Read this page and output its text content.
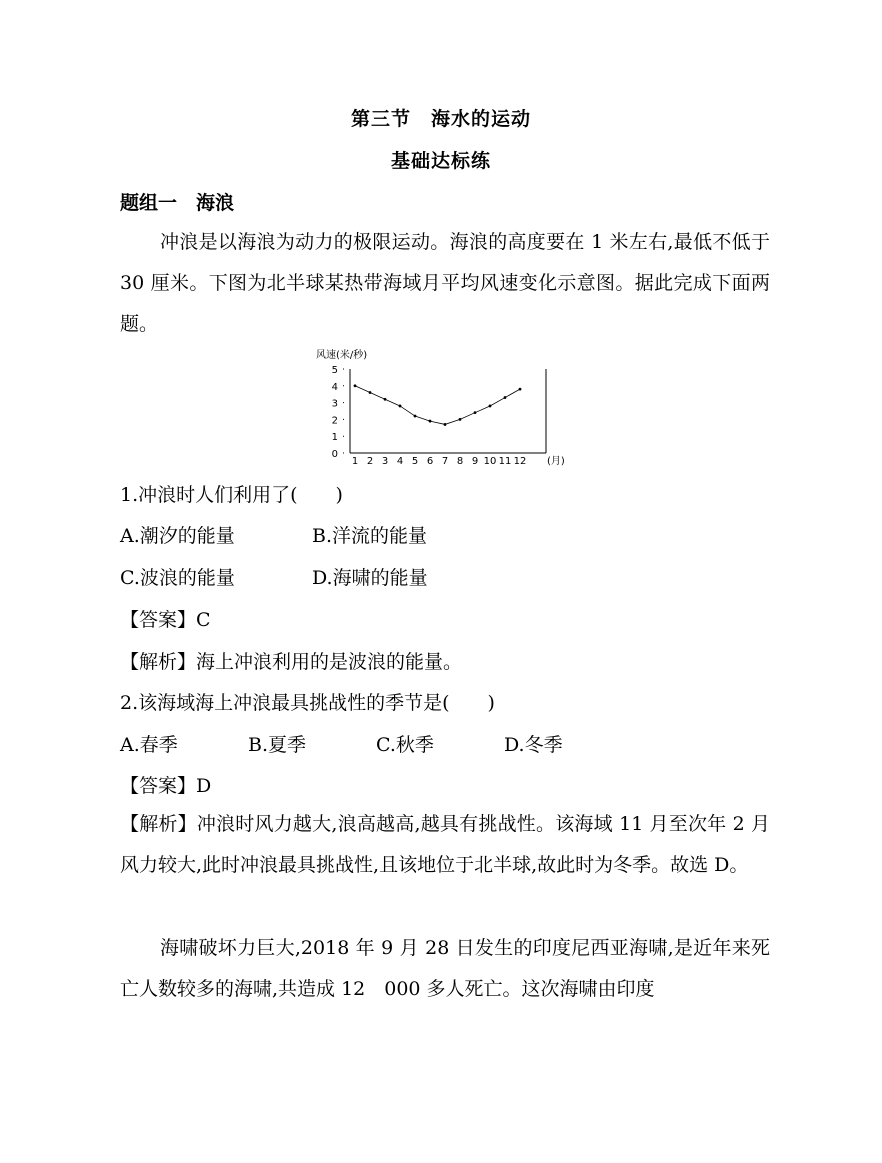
第三节　海水的运动
基础达标练
题组一　海浪
冲浪是以海浪为动力的极限运动。海浪的高度要在 1 米左右,最低不低于 30 厘米。下图为北半球某热带海域月平均风速变化示意图。据此完成下面两题。
风速(米/秒)
0
1
2
3
4
5
1 2 3 4 5 6 7 8 9 10 11 12 (月)
1.冲浪时人们利用了(　　)
A.潮汐的能量	B.洋流的能量
C.波浪的能量	D.海啸的能量
【答案】C
【解析】海上冲浪利用的是波浪的能量。
2.该海域海上冲浪最具挑战性的季节是(　　)
A.春季	B.夏季	C.秋季	D.冬季
【答案】D
【解析】冲浪时风力越大,浪高越高,越具有挑战性。该海域 11 月至次年 2 月风力较大,此时冲浪最具挑战性,且该地位于北半球,故此时为冬季。故选 D。
海啸破坏力巨大,2018 年 9 月 28 日发生的印度尼西亚海啸,是近年来死亡人数较多的海啸,共造成 12　000 多人死亡。这次海啸由印度
